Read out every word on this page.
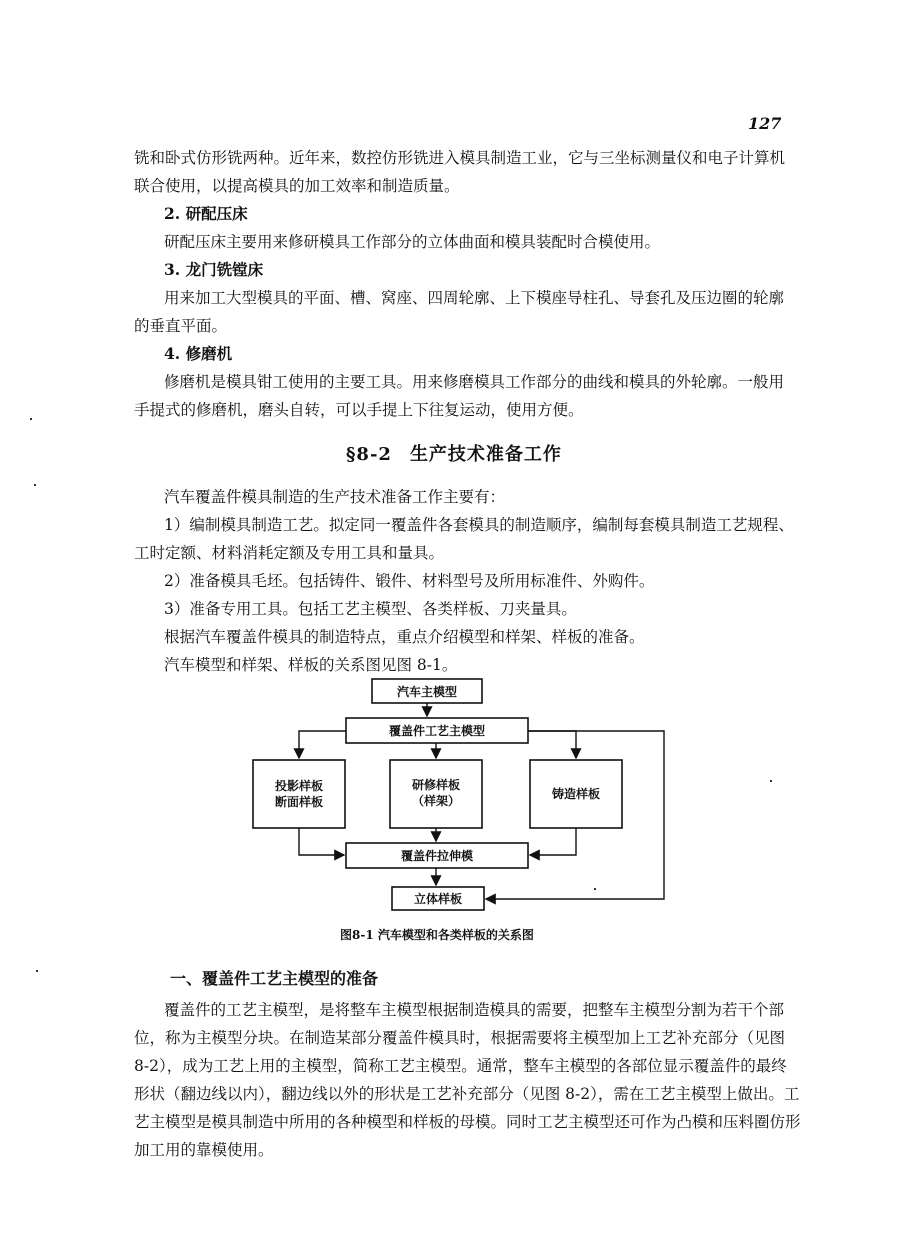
127
铣和卧式仿形铣两种。近年来，数控仿形铣进入模具制造工业，它与三坐标测量仪和电子计算机联合使用，以提高模具的加工效率和制造质量。
2. 研配压床
研配压床主要用来修研模具工作部分的立体曲面和模具装配时合模使用。
3. 龙门铣镗床
用来加工大型模具的平面、槽、窝座、四周轮廓、上下模座导柱孔、导套孔及压边圈的轮廓的垂直平面。
4. 修磨机
修磨机是模具钳工使用的主要工具。用来修磨模具工作部分的曲线和模具的外轮廓。一般用手提式的修磨机，磨头自转，可以手提上下往复运动，使用方便。
§8-2 生产技术准备工作
汽车覆盖件模具制造的生产技术准备工作主要有：
1）编制模具制造工艺。拟定同一覆盖件各套模具的制造顺序，编制每套模具制造工艺规程、工时定额、材料消耗定额及专用工具和量具。
2）准备模具毛坯。包括铸件、锻件、材料型号及所用标准件、外购件。
3）准备专用工具。包括工艺主模型、各类样板、刀夹量具。
根据汽车覆盖件模具的制造特点，重点介绍模型和样架、样板的准备。
汽车模型和样架、样板的关系图见图 8-1。
汽车主模型
覆盖件工艺主模型
投影样板
断面样板
研修样板
（样架）	铸造样板
覆盖件拉伸模
立体样板
图8-1 汽车模型和各类样板的关系图
一、覆盖件工艺主模型的准备
覆盖件的工艺主模型，是将整车主模型根据制造模具的需要，把整车主模型分割为若干个部位，称为主模型分块。在制造某部分覆盖件模具时，根据需要将主模型加上工艺补充部分（见图 8-2），成为工艺上用的主模型，简称工艺主模型。通常，整车主模型的各部位显示覆盖件的最终形状（翻边线以内），翻边线以外的形状是工艺补充部分（见图 8-2），需在工艺主模型上做出。工艺主模型是模具制造中所用的各种模型和样板的母模。同时工艺主模型还可作为凸模和压料圈仿形加工用的靠模使用。
